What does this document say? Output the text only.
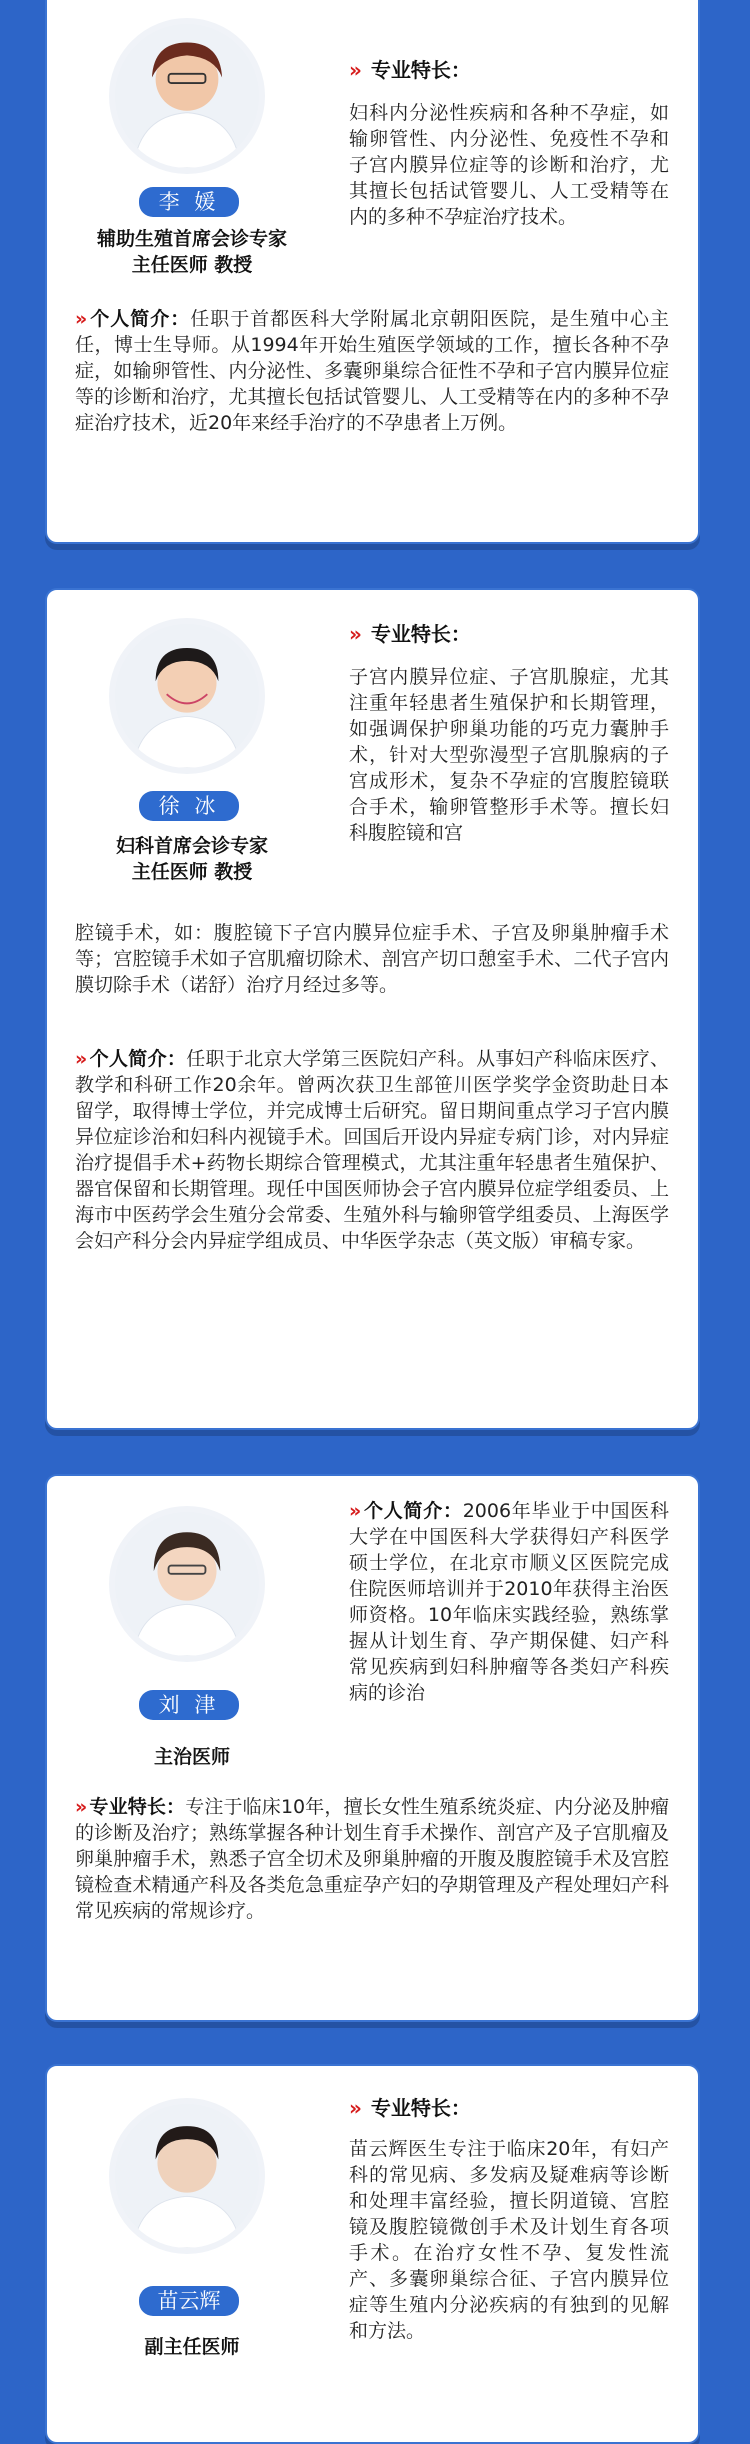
李 媛
辅助生殖首席会诊专家
主任医师 教授
» 专业特长：
妇科内分泌性疾病和各种不孕症，如输卵管性、内分泌性、免疫性不孕和子宫内膜异位症等的诊断和治疗，尤其擅长包括试管婴儿、人工受精等在内的多种不孕症治疗技术。
» 个人简介：任职于首都医科大学附属北京朝阳医院，是生殖中心主任，博士生导师。从1994年开始生殖医学领域的工作，擅长各种不孕症，如输卵管性、内分泌性、多囊卵巢综合征性不孕和子宫内膜异位症等的诊断和治疗，尤其擅长包括试管婴儿、人工受精等在内的多种不孕症治疗技术，近20年来经手治疗的不孕患者上万例。
徐 冰
妇科首席会诊专家
主任医师 教授
» 专业特长：
子宫内膜异位症、子宫肌腺症，尤其注重年轻患者生殖保护和长期管理，如强调保护卵巢功能的巧克力囊肿手术，针对大型弥漫型子宫肌腺病的子宫成形术，复杂不孕症的宫腹腔镜联合手术，输卵管整形手术等。擅长妇科腹腔镜和宫
腔镜手术，如：腹腔镜下子宫内膜异位症手术、子宫及卵巢肿瘤手术等；宫腔镜手术如子宫肌瘤切除术、剖宫产切口憩室手术、二代子宫内膜切除手术（诺舒）治疗月经过多等。
» 个人简介：任职于北京大学第三医院妇产科。从事妇产科临床医疗、教学和科研工作20余年。曾两次获卫生部笹川医学奖学金资助赴日本留学，取得博士学位，并完成博士后研究。留日期间重点学习子宫内膜异位症诊治和妇科内视镜手术。回国后开设内异症专病门诊，对内异症治疗提倡手术+药物长期综合管理模式，尤其注重年轻患者生殖保护、器官保留和长期管理。现任中国医师协会子宫内膜异位症学组委员、上海市中医药学会生殖分会常委、生殖外科与输卵管学组委员、上海医学会妇产科分会内异症学组成员、中华医学杂志（英文版）审稿专家。
刘 津
主治医师
» 个人简介：2006年毕业于中国医科大学在中国医科大学获得妇产科医学硕士学位，在北京市顺义区医院完成住院医师培训并于2010年获得主治医师资格。10年临床实践经验，熟练掌握从计划生育、孕产期保健、妇产科常见疾病到妇科肿瘤等各类妇产科疾病的诊治
» 专业特长：专注于临床10年，擅长女性生殖系统炎症、内分泌及肿瘤的诊断及治疗；熟练掌握各种计划生育手术操作、剖宫产及子宫肌瘤及卵巢肿瘤手术，熟悉子宫全切术及卵巢肿瘤的开腹及腹腔镜手术及宫腔镜检查术精通产科及各类危急重症孕产妇的孕期管理及产程处理妇产科常见疾病的常规诊疗。
苗云辉
副主任医师
» 专业特长：
苗云辉医生专注于临床20年，有妇产科的常见病、多发病及疑难病等诊断和处理丰富经验，擅长阴道镜、宫腔镜及腹腔镜微创手术及计划生育各项手术。在治疗女性不孕、复发性流产、多囊卵巢综合征、子宫内膜异位症等生殖内分泌疾病的有独到的见解和方法。
